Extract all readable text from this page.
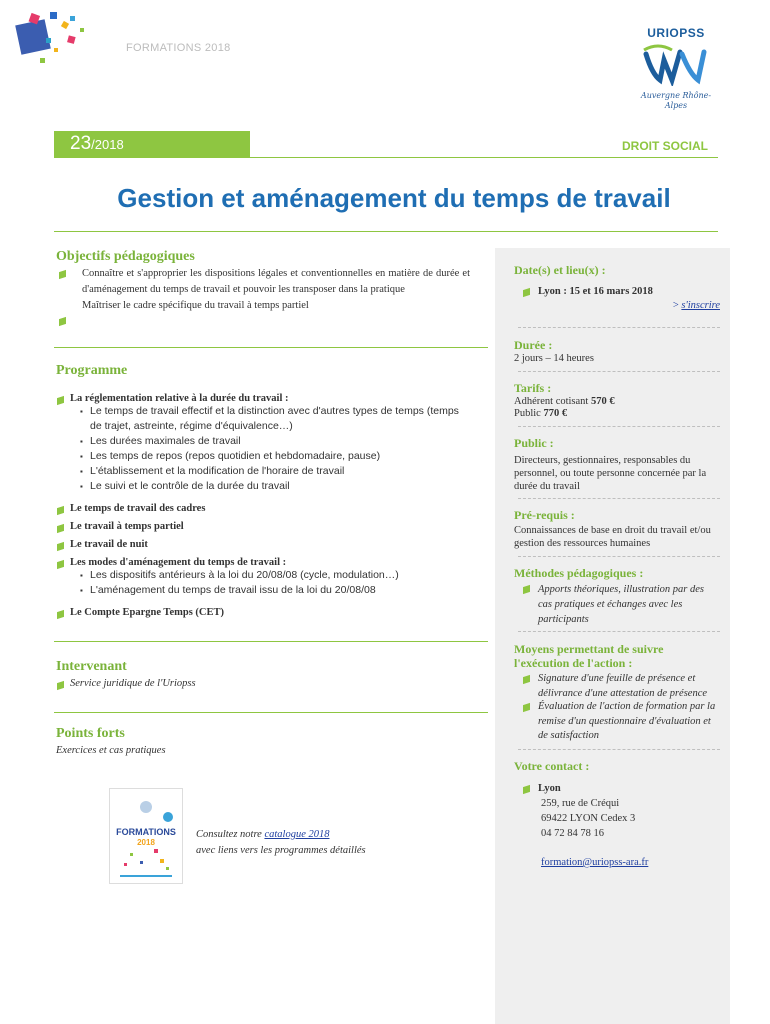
FORMATIONS 2018
URIOPSS
Auvergne Rhône-Alpes
23/2018	DROIT SOCIAL
Gestion et aménagement du temps de travail
Objectifs pédagogiques

Connaître et s'approprier les dispositions légales et conventionnelles en matière de durée et d'aménagement du temps de travail et pouvoir les transposer dans la pratique

Maîtriser le cadre spécifique du travail à temps partiel

Programme
La réglementation relative à la durée du travail :
▪ Le temps de travail effectif et la distinction avec d'autres types de temps (temps de trajet, astreinte, régime d'équivalence…)
▪ Les durées maximales de travail
▪ Les temps de repos (repos quotidien et hebdomadaire, pause)
▪ L'établissement et la modification de l'horaire de travail
▪ Le suivi et le contrôle de la durée du travail
Le temps de travail des cadres
Le travail à temps partiel
Le travail de nuit
Les modes d'aménagement du temps de travail :
▪ Les dispositifs antérieurs à la loi du 20/08/08 (cycle, modulation…)
▪ L'aménagement du temps de travail issu de la loi du 20/08/08
Le Compte Epargne Temps (CET)
Intervenant
Service juridique de l'Uriopss
Points forts
Exercices et cas pratiques
FORMATIONS
2018
Consultez notre catalogue 2018
avec liens vers les programmes détaillés
Date(s) et lieu(x) :
Lyon : 15 et 16 mars 2018
> s'inscrire
Durée :
2 jours – 14 heures
Tarifs :
Adhérent cotisant 570 €
Public 770 €
Public :
Directeurs, gestionnaires, responsables du personnel, ou toute personne concernée par la durée du travail
Pré-requis :
Connaissances de base en droit du travail et/ou gestion des ressources humaines
Méthodes pédagogiques :
Apports théoriques, illustration par des cas pratiques et échanges avec les participants
Moyens permettant de suivre l'exécution de l'action :
Signature d'une feuille de présence et délivrance d'une attestation de présence
Évaluation de l'action de formation par la remise d'un questionnaire d'évaluation et de satisfaction
Votre contact :
Lyon
259, rue de Créqui
69422 LYON Cedex 3
04 72 84 78 16
formation@uriopss-ara.fr
